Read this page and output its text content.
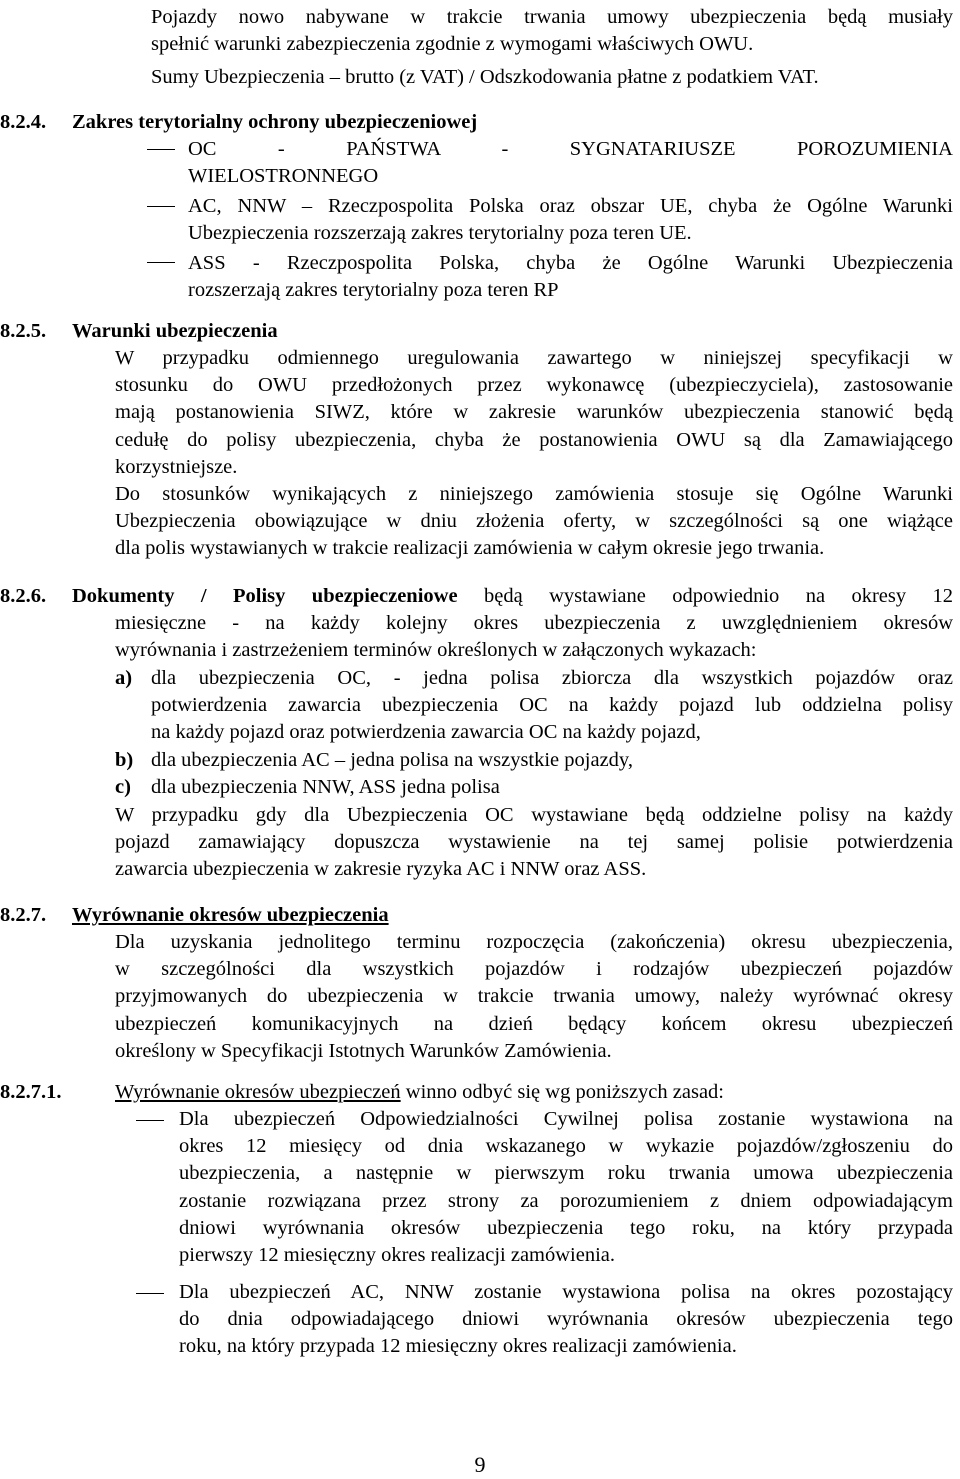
Pojazdy nowo nabywane w trakcie trwania umowy ubezpieczenia będą musiały
spełnić warunki zabezpieczenia zgodnie z wymogami właściwych OWU.
Sumy Ubezpieczenia – brutto (z VAT) / Odszkodowania płatne z podatkiem VAT.
8.2.4. Zakres terytorialny ochrony ubezpieczeniowej
OC - PAŃSTWA - SYGNATARIUSZE POROZUMIENIA
WIELOSTRONNEGO
AC, NNW – Rzeczpospolita Polska oraz obszar UE, chyba że Ogólne Warunki
Ubezpieczenia rozszerzają zakres terytorialny poza teren UE.
ASS - Rzeczpospolita Polska, chyba że Ogólne Warunki Ubezpieczenia
rozszerzają zakres terytorialny poza teren RP
8.2.5. Warunki ubezpieczenia
W przypadku odmiennego uregulowania zawartego w niniejszej specyfikacji w
stosunku do OWU przedłożonych przez wykonawcę (ubezpieczyciela), zastosowanie
mają postanowienia SIWZ, które w zakresie warunków ubezpieczenia stanowić będą
cedułę do polisy ubezpieczenia, chyba że postanowienia OWU są dla Zamawiającego
korzystniejsze.
Do stosunków wynikających z niniejszego zamówienia stosuje się Ogólne Warunki
Ubezpieczenia obowiązujące w dniu złożenia oferty, w szczególności są one wiążące
dla polis wystawianych w trakcie realizacji zamówienia w całym okresie jego trwania.
8.2.6. Dokumenty / Polisy ubezpieczeniowe będą wystawiane odpowiednio na okresy 12
miesięczne - na każdy kolejny okres ubezpieczenia z uwzględnieniem okresów
wyrównania i zastrzeżeniem terminów określonych w załączonych wykazach:
a) dla ubezpieczenia OC, - jedna polisa zbiorcza dla wszystkich pojazdów oraz
potwierdzenia zawarcia ubezpieczenia OC na każdy pojazd lub oddzielna polisy
na każdy pojazd oraz potwierdzenia zawarcia OC na każdy pojazd,
b) dla ubezpieczenia AC – jedna polisa na wszystkie pojazdy,
c) dla ubezpieczenia NNW, ASS jedna polisa
W przypadku gdy dla Ubezpieczenia OC wystawiane będą oddzielne polisy na każdy
pojazd zamawiający dopuszcza wystawienie na tej samej polisie potwierdzenia
zawarcia ubezpieczenia w zakresie ryzyka AC i NNW oraz ASS.
8.2.7. Wyrównanie okresów ubezpieczenia
Dla uzyskania jednolitego terminu rozpoczęcia (zakończenia) okresu ubezpieczenia,
w szczególności dla wszystkich pojazdów i rodzajów ubezpieczeń pojazdów
przyjmowanych do ubezpieczenia w trakcie trwania umowy, należy wyrównać okresy
ubezpieczeń komunikacyjnych na dzień będący końcem okresu ubezpieczeń
określony w Specyfikacji Istotnych Warunków Zamówienia.
8.2.7.1.	Wyrównanie okresów ubezpieczeń winno odbyć się wg poniższych zasad:
Dla ubezpieczeń Odpowiedzialności Cywilnej polisa zostanie wystawiona na
okres 12 miesięcy od dnia wskazanego w wykazie pojazdów/zgłoszeniu do
ubezpieczenia, a następnie w pierwszym roku trwania umowa ubezpieczenia
zostanie rozwiązana przez strony za porozumieniem z dniem odpowiadającym
dniowi wyrównania okresów ubezpieczenia tego roku, na który przypada
pierwszy 12 miesięczny okres realizacji zamówienia.
Dla ubezpieczeń AC, NNW zostanie wystawiona polisa na okres pozostający
do dnia odpowiadającego dniowi wyrównania okresów ubezpieczenia tego
roku, na który przypada 12 miesięczny okres realizacji zamówienia.
9
